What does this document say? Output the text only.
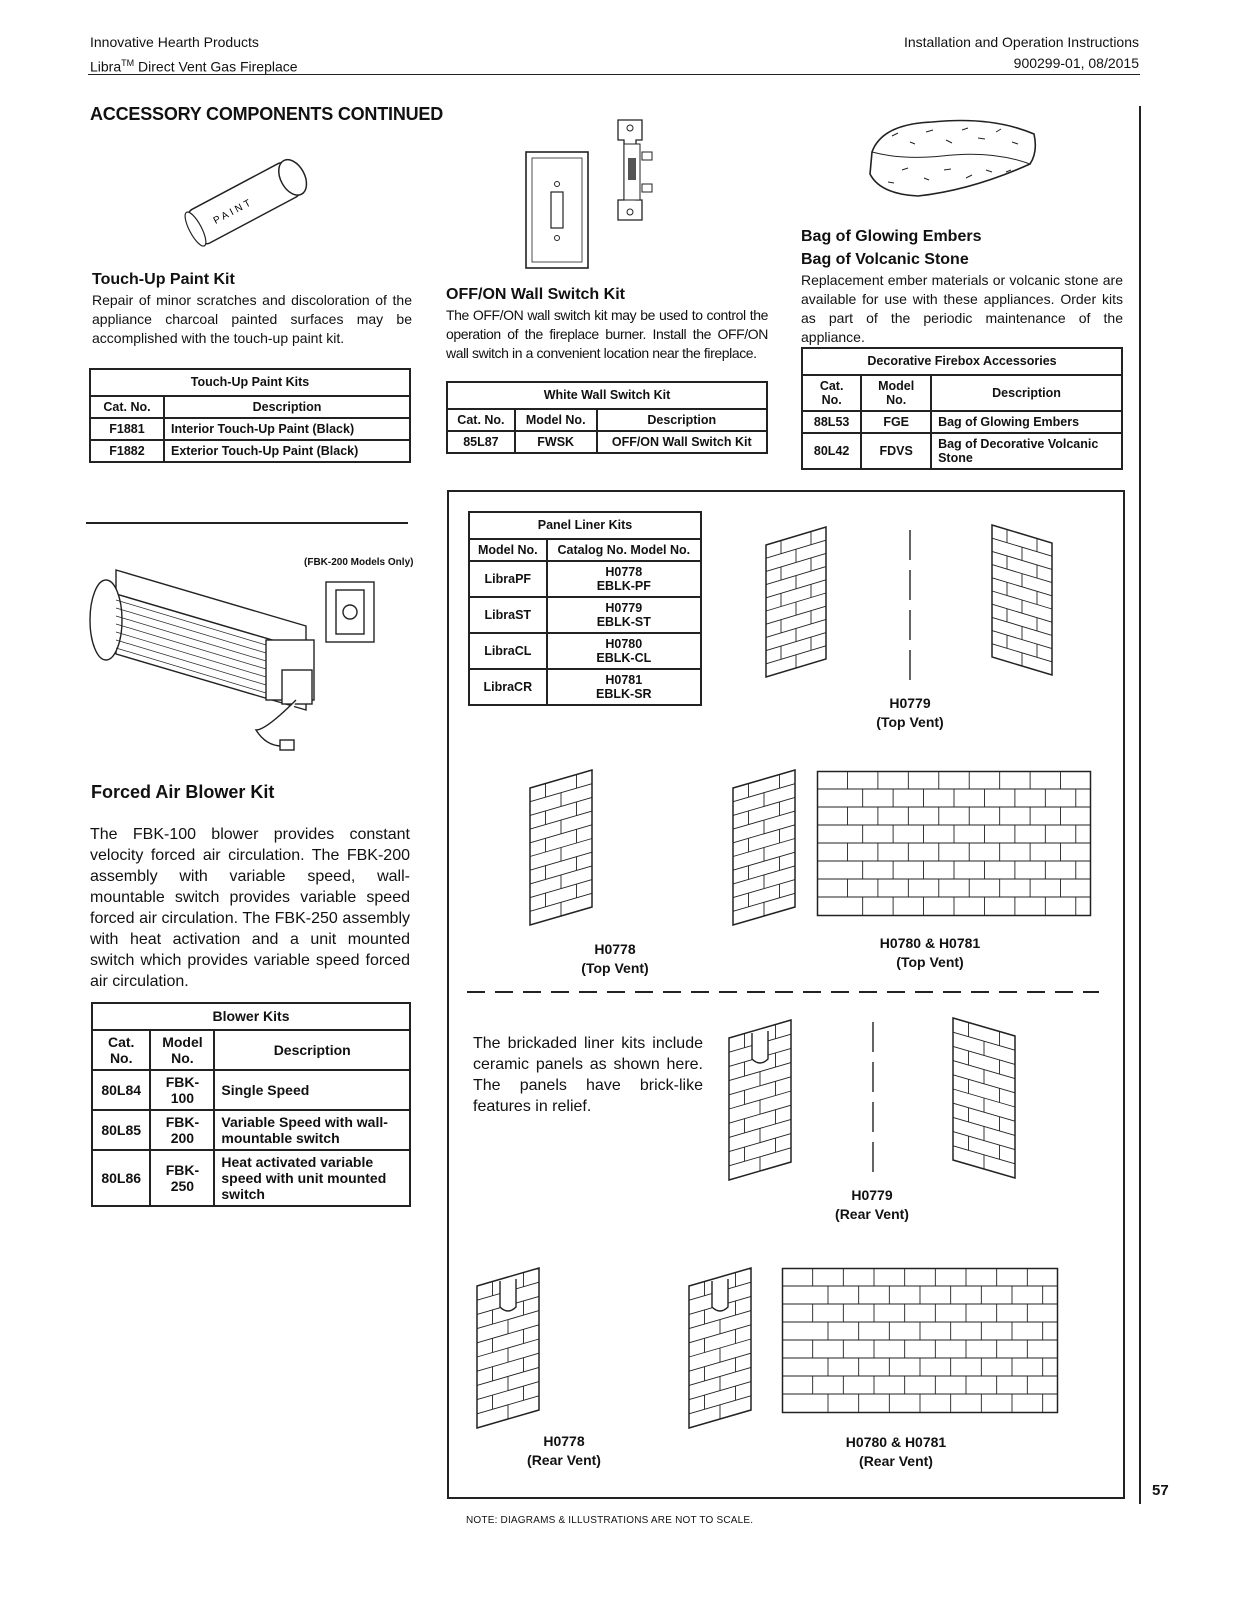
Innovative Hearth Products
Libra™ Direct Vent Gas Fireplace
Installation and Operation Instructions
900299-01, 08/2015
ACCESSORY COMPONENTS CONTINUED
PAINT
Touch-Up Paint Kit
Repair of minor scratches and discoloration of the appliance charcoal painted surfaces may be accomplished with the touch-up paint kit.
Touch-Up Paint Kits	
Cat. No.	Description
F1881	Interior Touch-Up Paint (Black)
F1882	Exterior Touch-Up Paint (Black)
OFF/ON Wall Switch Kit
The OFF/ON wall switch kit may be used to control the operation of the fireplace burner. Install the OFF/ON wall switch in a convenient location near the fireplace.
White Wall Switch Kit		
Cat. No.	Model No.	Description
85L87	FWSK	OFF/ON Wall Switch Kit
Bag of Glowing Embers
Bag of Volcanic Stone
Replacement ember materials or volcanic stone are available for use with these appliances. Order kits as part of the periodic maintenance of the appliance.
Decorative Firebox Accessories		
Cat. No.	Model No.	Description
88L53	FGE	Bag of Glowing Embers
80L42	FDVS	Bag of Decorative Volcanic Stone
(FBK-200 Models Only)
Forced Air Blower Kit
The FBK-100 blower provides constant velocity forced air circulation. The FBK-200 assembly with variable speed, wall-mountable switch provides variable speed forced air circulation. The FBK-250 assembly with heat activation and a unit mounted switch which provides variable speed forced air circulation.
Blower Kits		
Cat. No.	Model No.	Description
80L84	FBK-100	Single Speed
80L85	FBK-200	Variable Speed with wall-mountable switch
80L86	FBK-250	Heat activated variable speed with unit mounted switch
Panel Liner Kits	
Model No.	Catalog No. Model No.
LibraPF	H0778
EBLK-PF

LibraST	H0779
EBLK-ST

LibraCL	H0780
EBLK-CL

LibraCR	H0781
EBLK-SR
H0779
(Top Vent)
H0778
(Top Vent)
H0780 & H0781
(Top Vent)
The brickaded liner kits include ceramic panels as shown here. The panels have brick-like features in relief.
H0779
(Rear Vent)
H0778
(Rear Vent)
H0780 & H0781
(Rear Vent)
57
NOTE: DIAGRAMS & ILLUSTRATIONS ARE NOT TO SCALE.
